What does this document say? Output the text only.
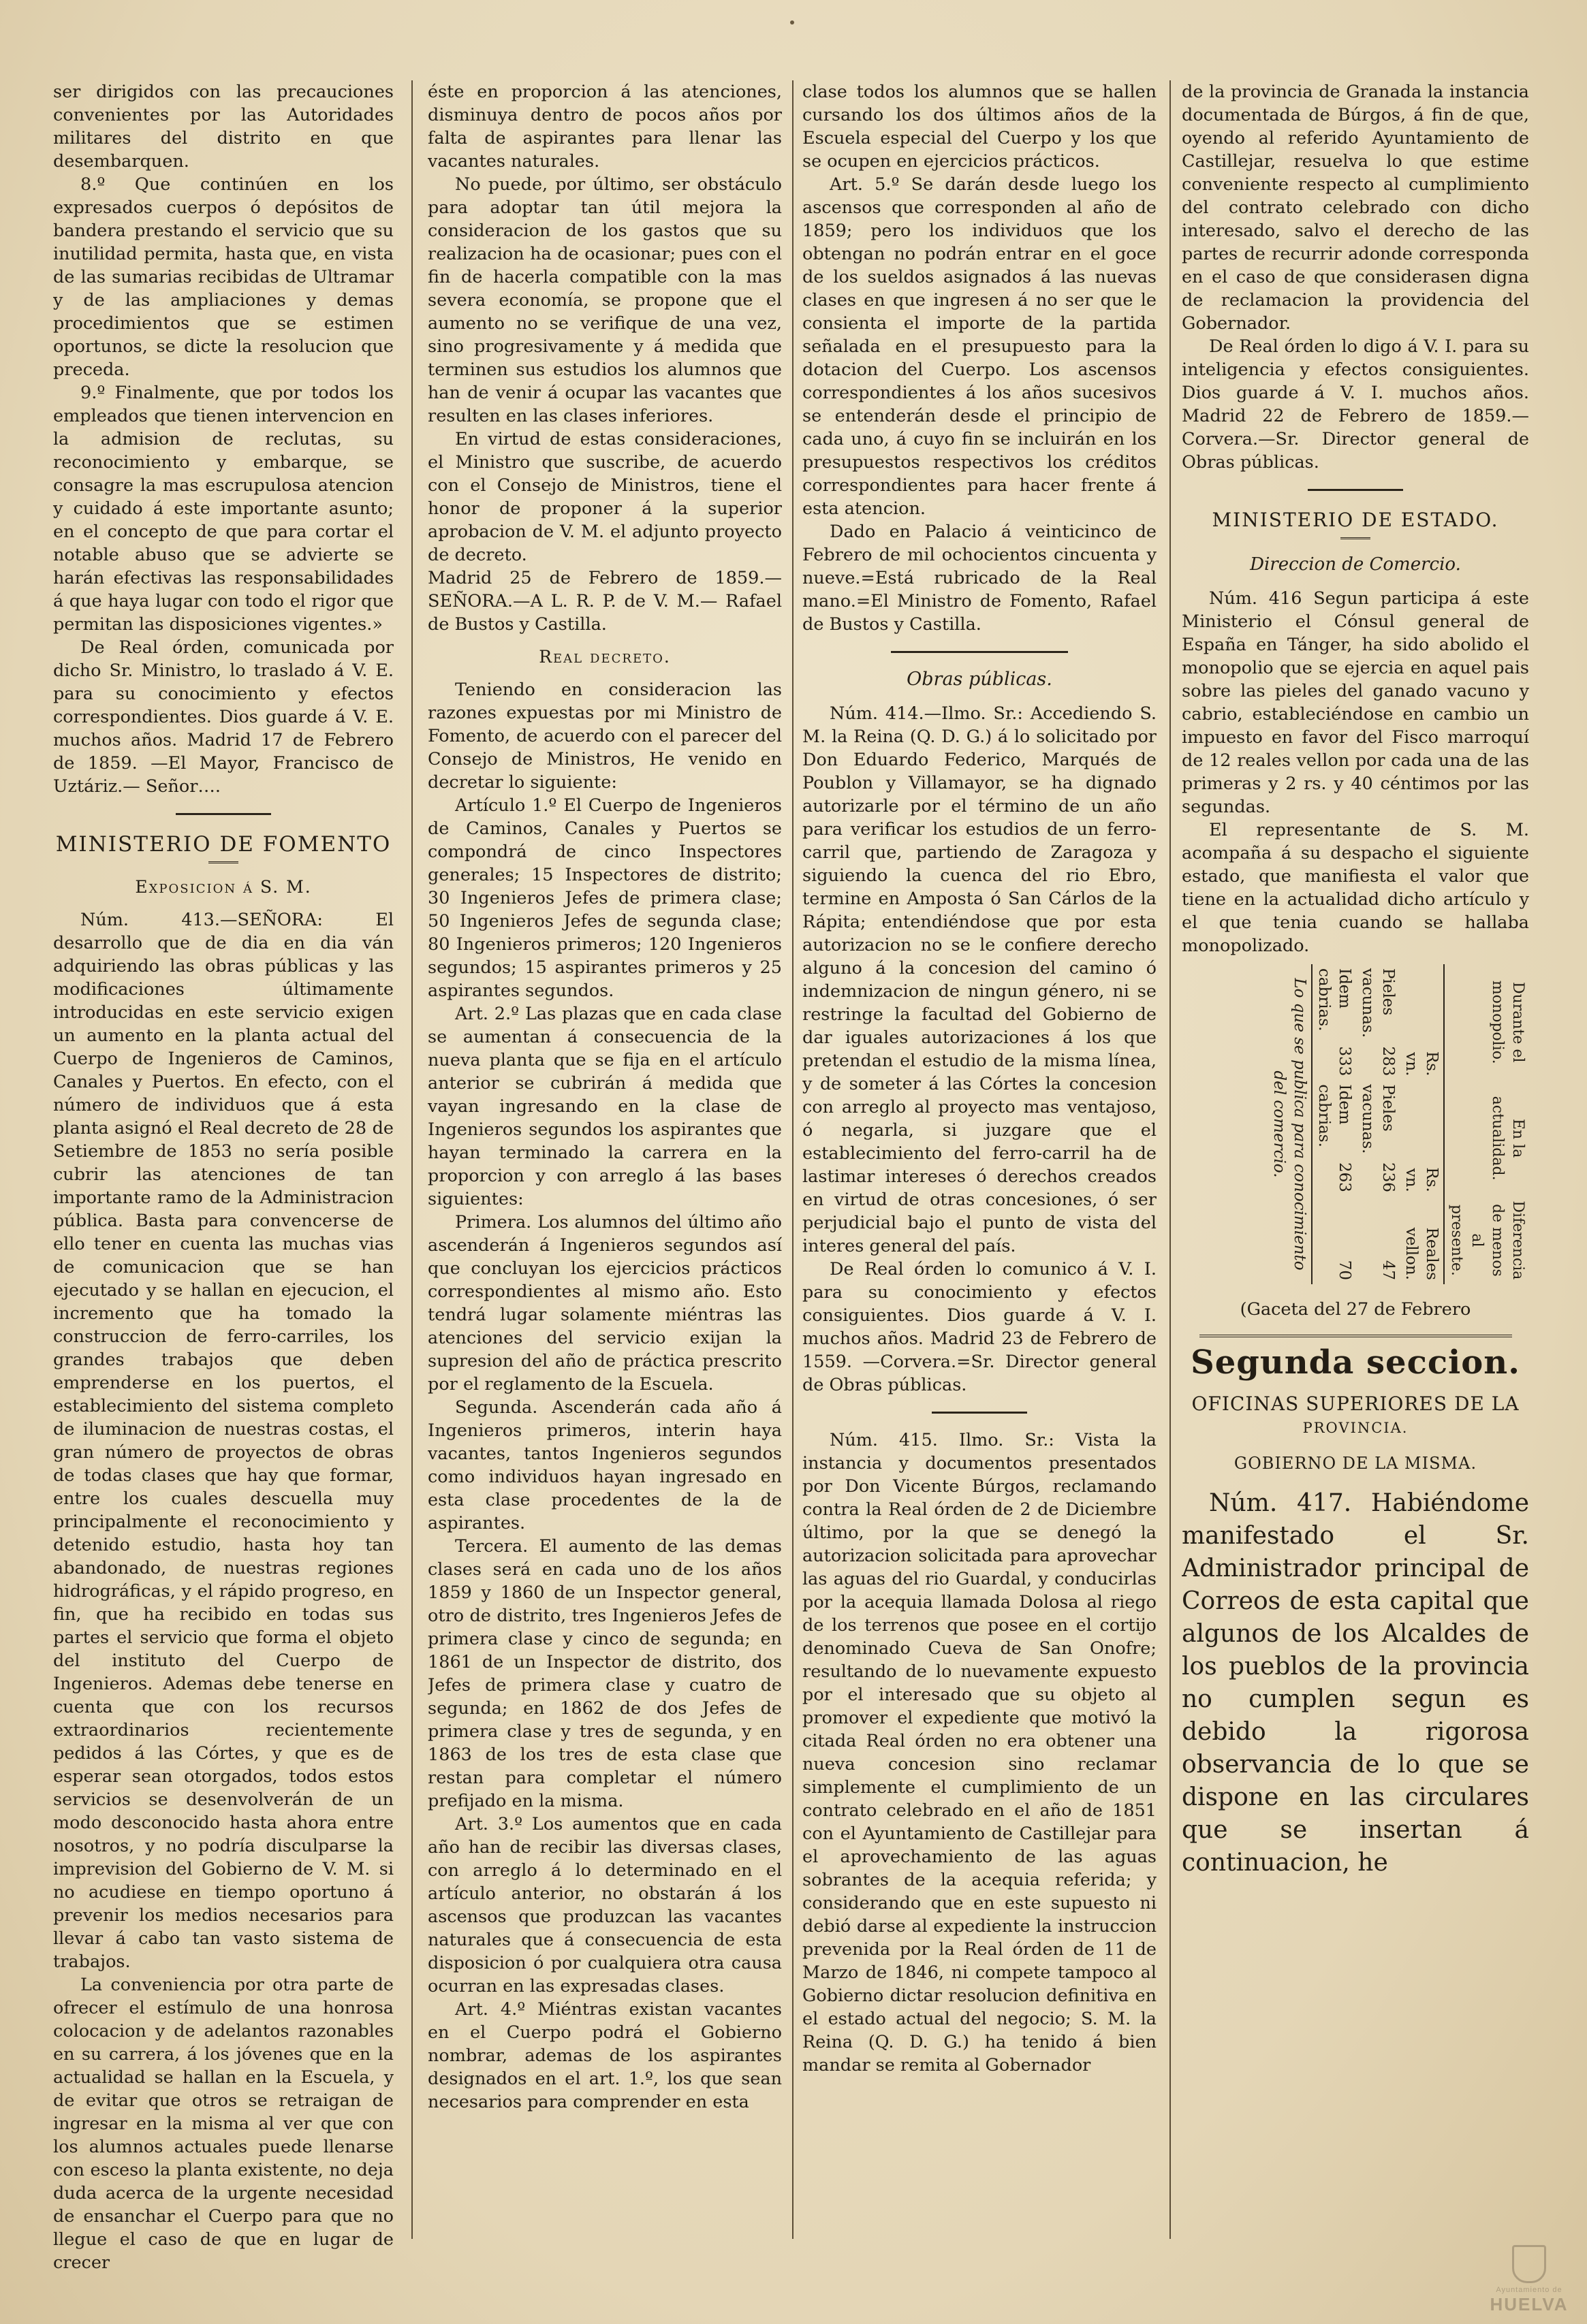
ser dirigidos con las precauciones convenientes por las Autoridades militares del distrito en que desembarquen.

8.º Que continúen en los expresados cuerpos ó depósitos de bandera prestando el servicio que su inutilidad permita, hasta que, en vista de las sumarias recibidas de Ultramar y de las ampliaciones y demas procedimientos que se estimen oportunos, se dicte la resolucion que preceda.

9.º Finalmente, que por todos los empleados que tienen intervencion en la admision de reclutas, su reconocimiento y embarque, se consagre la mas escrupulosa atencion y cuidado á este importante asunto; en el concepto de que para cortar el notable abuso que se advierte se harán efectivas las responsabilidades á que haya lugar con todo el rigor que permitan las disposiciones vigentes.»

De Real órden, comunicada por dicho Sr. Ministro, lo traslado á V. E. para su conocimiento y efectos correspondientes. Dios guarde á V. E. muchos años. Madrid 17 de Febrero de 1859. —El Mayor, Francisco de Uztáriz.— Señor….

MINISTERIO DE FOMENTO
Exposicion á S. M.

Núm. 413.—SEÑORA: El desarrollo que de dia en dia ván adquiriendo las obras públicas y las modificaciones últimamente introducidas en este servicio exigen un aumento en la planta actual del Cuerpo de Ingenieros de Caminos, Canales y Puertos. En efecto, con el número de individuos que á esta planta asignó el Real decreto de 28 de Setiembre de 1853 no sería posible cubrir las atenciones de tan importante ramo de la Administracion pública. Basta para convencerse de ello tener en cuenta las muchas vias de comunicacion que se han ejecutado y se hallan en ejecucion, el incremento que ha tomado la construccion de ferro-carriles, los grandes trabajos que deben emprenderse en los puertos, el establecimiento del sistema completo de iluminacion de nuestras costas, el gran número de proyectos de obras de todas clases que hay que formar, entre los cuales descuella muy principalmente el reconocimiento y detenido estudio, hasta hoy tan abandonado, de nuestras regiones hidrográficas, y el rápido progreso, en fin, que ha recibido en todas sus partes el servicio que forma el objeto del instituto del Cuerpo de Ingenieros. Ademas debe tenerse en cuenta que con los recursos extraordinarios recientemente pedidos á las Córtes, y que es de esperar sean otorgados, todos estos servicios se desenvolverán de un modo desconocido hasta ahora entre nosotros, y no podría disculparse la imprevision del Gobierno de V. M. si no acudiese en tiempo oportuno á prevenir los medios necesarios para llevar á cabo tan vasto sistema de trabajos.

La conveniencia por otra parte de ofrecer el estímulo de una honrosa colocacion y de adelantos razonables en su carrera, á los jóvenes que en la actualidad se hallan en la Escuela, y de evitar que otros se retraigan de ingresar en la misma al ver que con los alumnos actuales puede llenarse con esceso la planta existente, no deja duda acerca de la urgente necesidad de ensanchar el Cuerpo para que no llegue el caso de que en lugar de crecer

éste en proporcion á las atenciones, disminuya dentro de pocos años por falta de aspirantes para llenar las vacantes naturales.

No puede, por último, ser obstáculo para adoptar tan útil mejora la consideracion de los gastos que su realizacion ha de ocasionar; pues con el fin de hacerla compatible con la mas severa economía, se propone que el aumento no se verifique de una vez, sino progresivamente y á medida que terminen sus estudios los alumnos que han de venir á ocupar las vacantes que resulten en las clases inferiores.

En virtud de estas consideraciones, el Ministro que suscribe, de acuerdo con el Consejo de Ministros, tiene el honor de proponer á la superior aprobacion de V. M. el adjunto proyecto de decreto.

Madrid 25 de Febrero de 1859.— SEÑORA.—A L. R. P. de V. M.— Rafael de Bustos y Castilla.

Real decreto.

Teniendo en consideracion las razones expuestas por mi Ministro de Fomento, de acuerdo con el parecer del Consejo de Ministros, He venido en decretar lo siguiente:

Artículo 1.º El Cuerpo de Ingenieros de Caminos, Canales y Puertos se compondrá de cinco Inspectores generales; 15 Inspectores de distrito; 30 Ingenieros Jefes de primera clase; 50 Ingenieros Jefes de segunda clase; 80 Ingenieros primeros; 120 Ingenieros segundos; 15 aspirantes primeros y 25 aspirantes segundos.

Art. 2.º Las plazas que en cada clase se aumentan á consecuencia de la nueva planta que se fija en el artículo anterior se cubrirán á medida que vayan ingresando en la clase de Ingenieros segundos los aspirantes que hayan terminado la carrera en la proporcion y con arreglo á las bases siguientes:

Primera. Los alumnos del último año ascenderán á Ingenieros segundos así que concluyan los ejercicios prácticos correspondientes al mismo año. Esto tendrá lugar solamente miéntras las atenciones del servicio exijan la supresion del año de práctica prescrito por el reglamento de la Escuela.

Segunda. Ascenderán cada año á Ingenieros primeros, interin haya vacantes, tantos Ingenieros segundos como individuos hayan ingresado en esta clase procedentes de la de aspirantes.

Tercera. El aumento de las demas clases será en cada uno de los años 1859 y 1860 de un Inspector general, otro de distrito, tres Ingenieros Jefes de primera clase y cinco de segunda; en 1861 de un Inspector de distrito, dos Jefes de primera clase y cuatro de segunda; en 1862 de dos Jefes de primera clase y tres de segunda, y en 1863 de los tres de esta clase que restan para completar el número prefijado en la misma.

Art. 3.º Los aumentos que en cada año han de recibir las diversas clases, con arreglo á lo determinado en el artículo anterior, no obstarán á los ascensos que produzcan las vacantes naturales que á consecuencia de esta disposicion ó por cualquiera otra causa ocurran en las expresadas clases.

Art. 4.º Miéntras existan vacantes en el Cuerpo podrá el Gobierno nombrar, ademas de los aspirantes designados en el art. 1.º, los que sean necesarios para comprender en esta

clase todos los alumnos que se hallen cursando los dos últimos años de la Escuela especial del Cuerpo y los que se ocupen en ejercicios prácticos.

Art. 5.º Se darán desde luego los ascensos que corresponden al año de 1859; pero los individuos que los obtengan no podrán entrar en el goce de los sueldos asignados á las nuevas clases en que ingresen á no ser que le consienta el importe de la partida señalada en el presupuesto para la dotacion del Cuerpo. Los ascensos correspondientes á los años sucesivos se entenderán desde el principio de cada uno, á cuyo fin se incluirán en los presupuestos respectivos los créditos correspondientes para hacer frente á esta atencion.

Dado en Palacio á veinticinco de Febrero de mil ochocientos cincuenta y nueve.=Está rubricado de la Real mano.=El Ministro de Fomento, Rafael de Bustos y Castilla.

Obras públicas.

Núm. 414.—Ilmo. Sr.: Accediendo S. M. la Reina (Q. D. G.) á lo solicitado por Don Eduardo Federico, Marqués de Poublon y Villamayor, se ha dignado autorizarle por el término de un año para verificar los estudios de un ferro-carril que, partiendo de Zaragoza y siguiendo la cuenca del rio Ebro, termine en Amposta ó San Cárlos de la Rápita; entendiéndose que por esta autorizacion no se le confiere derecho alguno á la concesion del camino ó indemnizacion de ningun género, ni se restringe la facultad del Gobierno de dar iguales autorizaciones á los que pretendan el estudio de la misma línea, y de someter á las Córtes la concesion con arreglo al proyecto mas ventajoso, ó negarla, si juzgare que el establecimiento del ferro-carril ha de lastimar intereses ó derechos creados en virtud de otras concesiones, ó ser perjudicial bajo el punto de vista del interes general del país.

De Real órden lo comunico á V. I. para su conocimiento y efectos consiguientes. Dios guarde á V. I. muchos años. Madrid 23 de Febrero de 1559. —Corvera.=Sr. Director general de Obras públicas.

Núm. 415. Ilmo. Sr.: Vista la instancia y documentos presentados por Don Vicente Búrgos, reclamando contra la Real órden de 2 de Diciembre último, por la que se denegó la autorizacion solicitada para aprovechar las aguas del rio Guardal, y conducirlas por la acequia llamada Dolosa al riego de los terrenos que posee en el cortijo denominado Cueva de San Onofre; resultando de lo nuevamente expuesto por el interesado que su objeto al promover el expediente que motivó la citada Real órden no era obtener una nueva concesion sino reclamar simplemente el cumplimiento de un contrato celebrado en el año de 1851 con el Ayuntamiento de Castillejar para el aprovechamiento de las aguas sobrantes de la acequia referida; y considerando que en este supuesto ni debió darse al expediente la instruccion prevenida por la Real órden de 11 de Marzo de 1846, ni compete tampoco al Gobierno dictar resolucion definitiva en el estado actual del negocio; S. M. la Reina (Q. D. G.) ha tenido á bien mandar se remita al Gobernador

de la provincia de Granada la instancia documentada de Búrgos, á fin de que, oyendo al referido Ayuntamiento de Castillejar, resuelva lo que estime conveniente respecto al cumplimiento del contrato celebrado con dicho interesado, salvo el derecho de las partes de recurrir adonde corresponda en el caso de que considerasen digna de reclamacion la providencia del Gobernador.

De Real órden lo digo á V. I. para su inteligencia y efectos consiguientes. Dios guarde á V. I. muchos años. Madrid 22 de Febrero de 1859.—Corvera.—Sr. Director general de Obras públicas.

MINISTERIO DE ESTADO.
Direccion de Comercio.

Núm. 416 Segun participa á este Ministerio el Cónsul general de España en Tánger, ha sido abolido el monopolio que se ejercia en aquel pais sobre las pieles del ganado vacuno y cabrio, estableciéndose en cambio un impuesto en favor del Fisco marroquí de 12 reales vellon por cada una de las primeras y 2 rs. y 40 céntimos por las segundas.

El representante de S. M. acompaña á su despacho el siguiente estado, que manifiesta el valor que tiene en la actualidad dicho artículo y el que tenia cuando se hallaba monopolizado.

Durante el monopolio.		En la actualidad.		Diferencia de menos al presente.
	Rs. vn.		Rs. vn.	Reales vellon.
Pieles vacunas.	283	Pieles vacunas.	236	47
Idem cabrias.	333	Idem cabrias.	263	70
Lo que se publica para conocimiento del comercio.				

(Gaceta del 27 de Febrero

Segunda seccion.
OFICINAS SUPERIORES DE LA
PROVINCIA.
GOBIERNO DE LA MISMA.

Núm. 417. Habiéndome manifestado el Sr. Administrador principal de Correos de esta capital que algunos de los Alcaldes de los pueblos de la provincia no cumplen segun es debido la rigorosa observancia de lo que se dispone en las circulares que se insertan á continuacion, he

Ayuntamiento de
HUELVA
